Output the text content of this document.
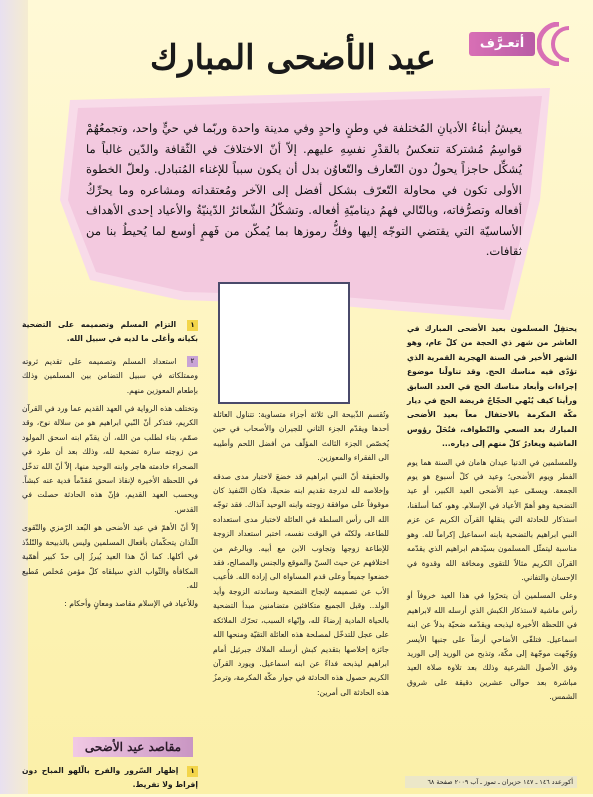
أتعـرَّف
عيد الأضحى المبارك
يعيشُ أبناءُ الأديانِ المُختلفة في وطنٍ واحدٍ وفي مدينة واحدة وربّما في حيٍّ واحد، وتجمعُهُمْ قواسِمُ مُشتركة تنعكسُ بالقدْرِ نفسِهِ عليهم. إلاّ أنّ الاختلافَ في الثّقافة والدّين غالباً ما يُشكِّل حاجزاً يحولُ دون التّعارف والتّعاوُن بدل أن يكون سبباً للإغناء المُتبادل. ولعلّ الخطوة الأولى تكون في محاولة التّعرّف بشكل أفضل إلى الآخر ومُعتقداته ومشاعره وما يحرِّكُ أفعاله وتصرُّفاته، وبالتّالي فهمُ ديناميّةِ أفعاله. وتشكّلُ الشّعائرُ الدّينيّةُ والأعياد إحدى الأهداف الأساسيّة التي يقتضي التوجّه إليها وفكُّ رموزها بما يُمكّن من فَهمٍ أوسع لما يُحيطُ بنا من ثقافات.

يحتفِلُ المسلمون بعيد الأضحى المبارك في العاشر من شهر ذي الحجة من كلّ عام، وهو الشهر الأخير في السنة الهجرية القمرية الذي تؤدّى فيه مناسك الحج. وقد تناولْنا موضوع إجراءات وأبعاد مناسك الحج في العدد السابق ورأينا كيف يُنْهي الحجّاجُ فريضة الحج في ديار مكّة المكرمة بالاحتفال معاً بعيد الأضحى المبارك بعد السعي والتّطواف، فتُحَلّ رؤوس الماشية ويغادرُ كلّ منهم إلى دياره...

وللمسلمين في الدنيا عيدان هامان في السنة هما يوم الفطر ويوم الأضحى؛ وعيد في كلّ أسبوع هو يوم الجمعة. ويسمّى عيد الأضحى العيد الكبير، أو عيد التضحية وهو أهمّ الأعياد في الإسلام. وهو، كما أسلفنا، استذكار للحادثة التي ينقلها القرآن الكريم عن عزم النبي ابراهيم بالتضحية بابنه اسماعيل إكراماً لله. وهو مناسبة ليتمثّل المسلمون بسيّدهم ابراهيم الذي يقدّمه القرآن الكريم مثالاً للتقوى ومخافة الله وقدوة في الإحسان والتفاني.

وعلى المسلمين أن يتحرّوا في هذا العيد خروفاً أو رأس ماشية لاستذكار الكبش الذي أرسله الله لابراهيم في اللحظة الأخيرة ليذبحه ويقدّمه ضحيّة بدلاً عن ابنه اسماعيل. فتلقّى الأضاحي أرضاً على جنبها الأيسر ووُجّهت موجّهة إلى مكّة، وتذبح من الوريد إلى الوريد وفق الأصول الشرعية وذلك بعد تلاوة صلاة العيد مباشرة بعد حوالى عشرين دقيقة على شروق الشمس.

وتُقسم الذّبيحة الى ثلاثة أجزاء متساوية: تتناول العائلة أحدها ويقدّم الجزء الثاني للجيران والأصحاب في حين يُخصّص الجزء الثالث المؤلّف من أفضل اللحم وأطيبه الى الفقراء والمعوزين.

والحقيقة أنّ النبي ابراهيم قد خضعَ لاختبار مدى صدقه وإخلاصه لله لدرجة تقديم ابنه ضحيةً، فكان التّنفيذ كان موقوفاً على موافقة زوجته وابنه الوحيد آنذاك. فقد توجّه الله الى رأس السلطة في العائلة لاختبار مدى استعداده للطاعة، ولكنّه في الوقت نفسه، اختبر استعداد الزوجة للإطاعة زوجها وتجاوب الابن مع أبيه. وبالرغم من اختلافهم عن حيث السنّ والموقع والجنس والمصالح، فقد خضعوا جميعاً وعلى قدم المساواة الى إرادة الله. فأُعيب الأب عن تصميمه لإنجاح التضحية وساندته الزوجة وأيد الولد.. وقبل الجميع متكافئين متضامنين مبدأ التضحية بالحياة المادية إرضاءً لله، وإنّهاء السبب، تحرّك الملائكة على عجل للتدخّل لمصلحة هذه العائلة التقيّة ومنحها الله جائزة إخلاصها بتقديم كبش أرسله الملاك جبرئيل أمام ابراهيم ليذبحه فداءً عن ابنه اسماعيل. ويورد القرآن الكريم حصول هذه الحادثة في جوار مكّة المكرمة، وترمزُ هذه الحادثة الى أمرين:

١ التزام المسلم وتصميمه على التضحية بكيانه وأغلى ما لديه في سبيل الله.

٢ استعداد المسلم وتصميمه على تقديم ثروته وممتلكاته في سبيل التضامن بين المسلمين وذلك بإطعام المعوزين منهم.

وتختلف هذه الرواية في العهد القديم عما ورد في القرآن الكريم، فتذكر أنّ النّبي ابراهيم هو من سلالة نوح، وقد صمّم، بناء لطلب من الله، أن يقدّم ابنه اسحق المولود من زوجته سارة تضحية لله، وذلك بعد أن طرد في الصحراء خادمته هاجر وابنه الوحيد منها، إلاّ أنّ الله تدخّل في اللحظة الأخيرة لإنقاذ اسحق مُقدّماً فدية عنه كبشاً. ويحسب العهد القديم، فإنّ هذه الحادثة حصلت في القدس.

إلاّ أنّ الأهمّ في عيد الأضحى هو البُعد الرّمزي والتّقوى اللّذان يتحكّمان بأفعال المسلمين وليس بالذبيحة والتّلذّذ في أكلها. كما أنّ هذا العيد يُبرزُ إلى حدّ كبير أهمّية المكافأة والثّواب الذي سيلقاه كلّ مؤمن مُخلص مُطيع لله.

وللأعياد في الإسلام مقاصد ومعانٍ وأحكام :

مقاصد عيد الأضحى

١ إظهار السّرور والفرح بالّلهو المباح دون إفراط ولا تفريط.	أكورعدد ١٤٦ ـ ١٤٧ حزيران ـ تموز ـ آب ٢٠٠٩ صفحة ٦٨
